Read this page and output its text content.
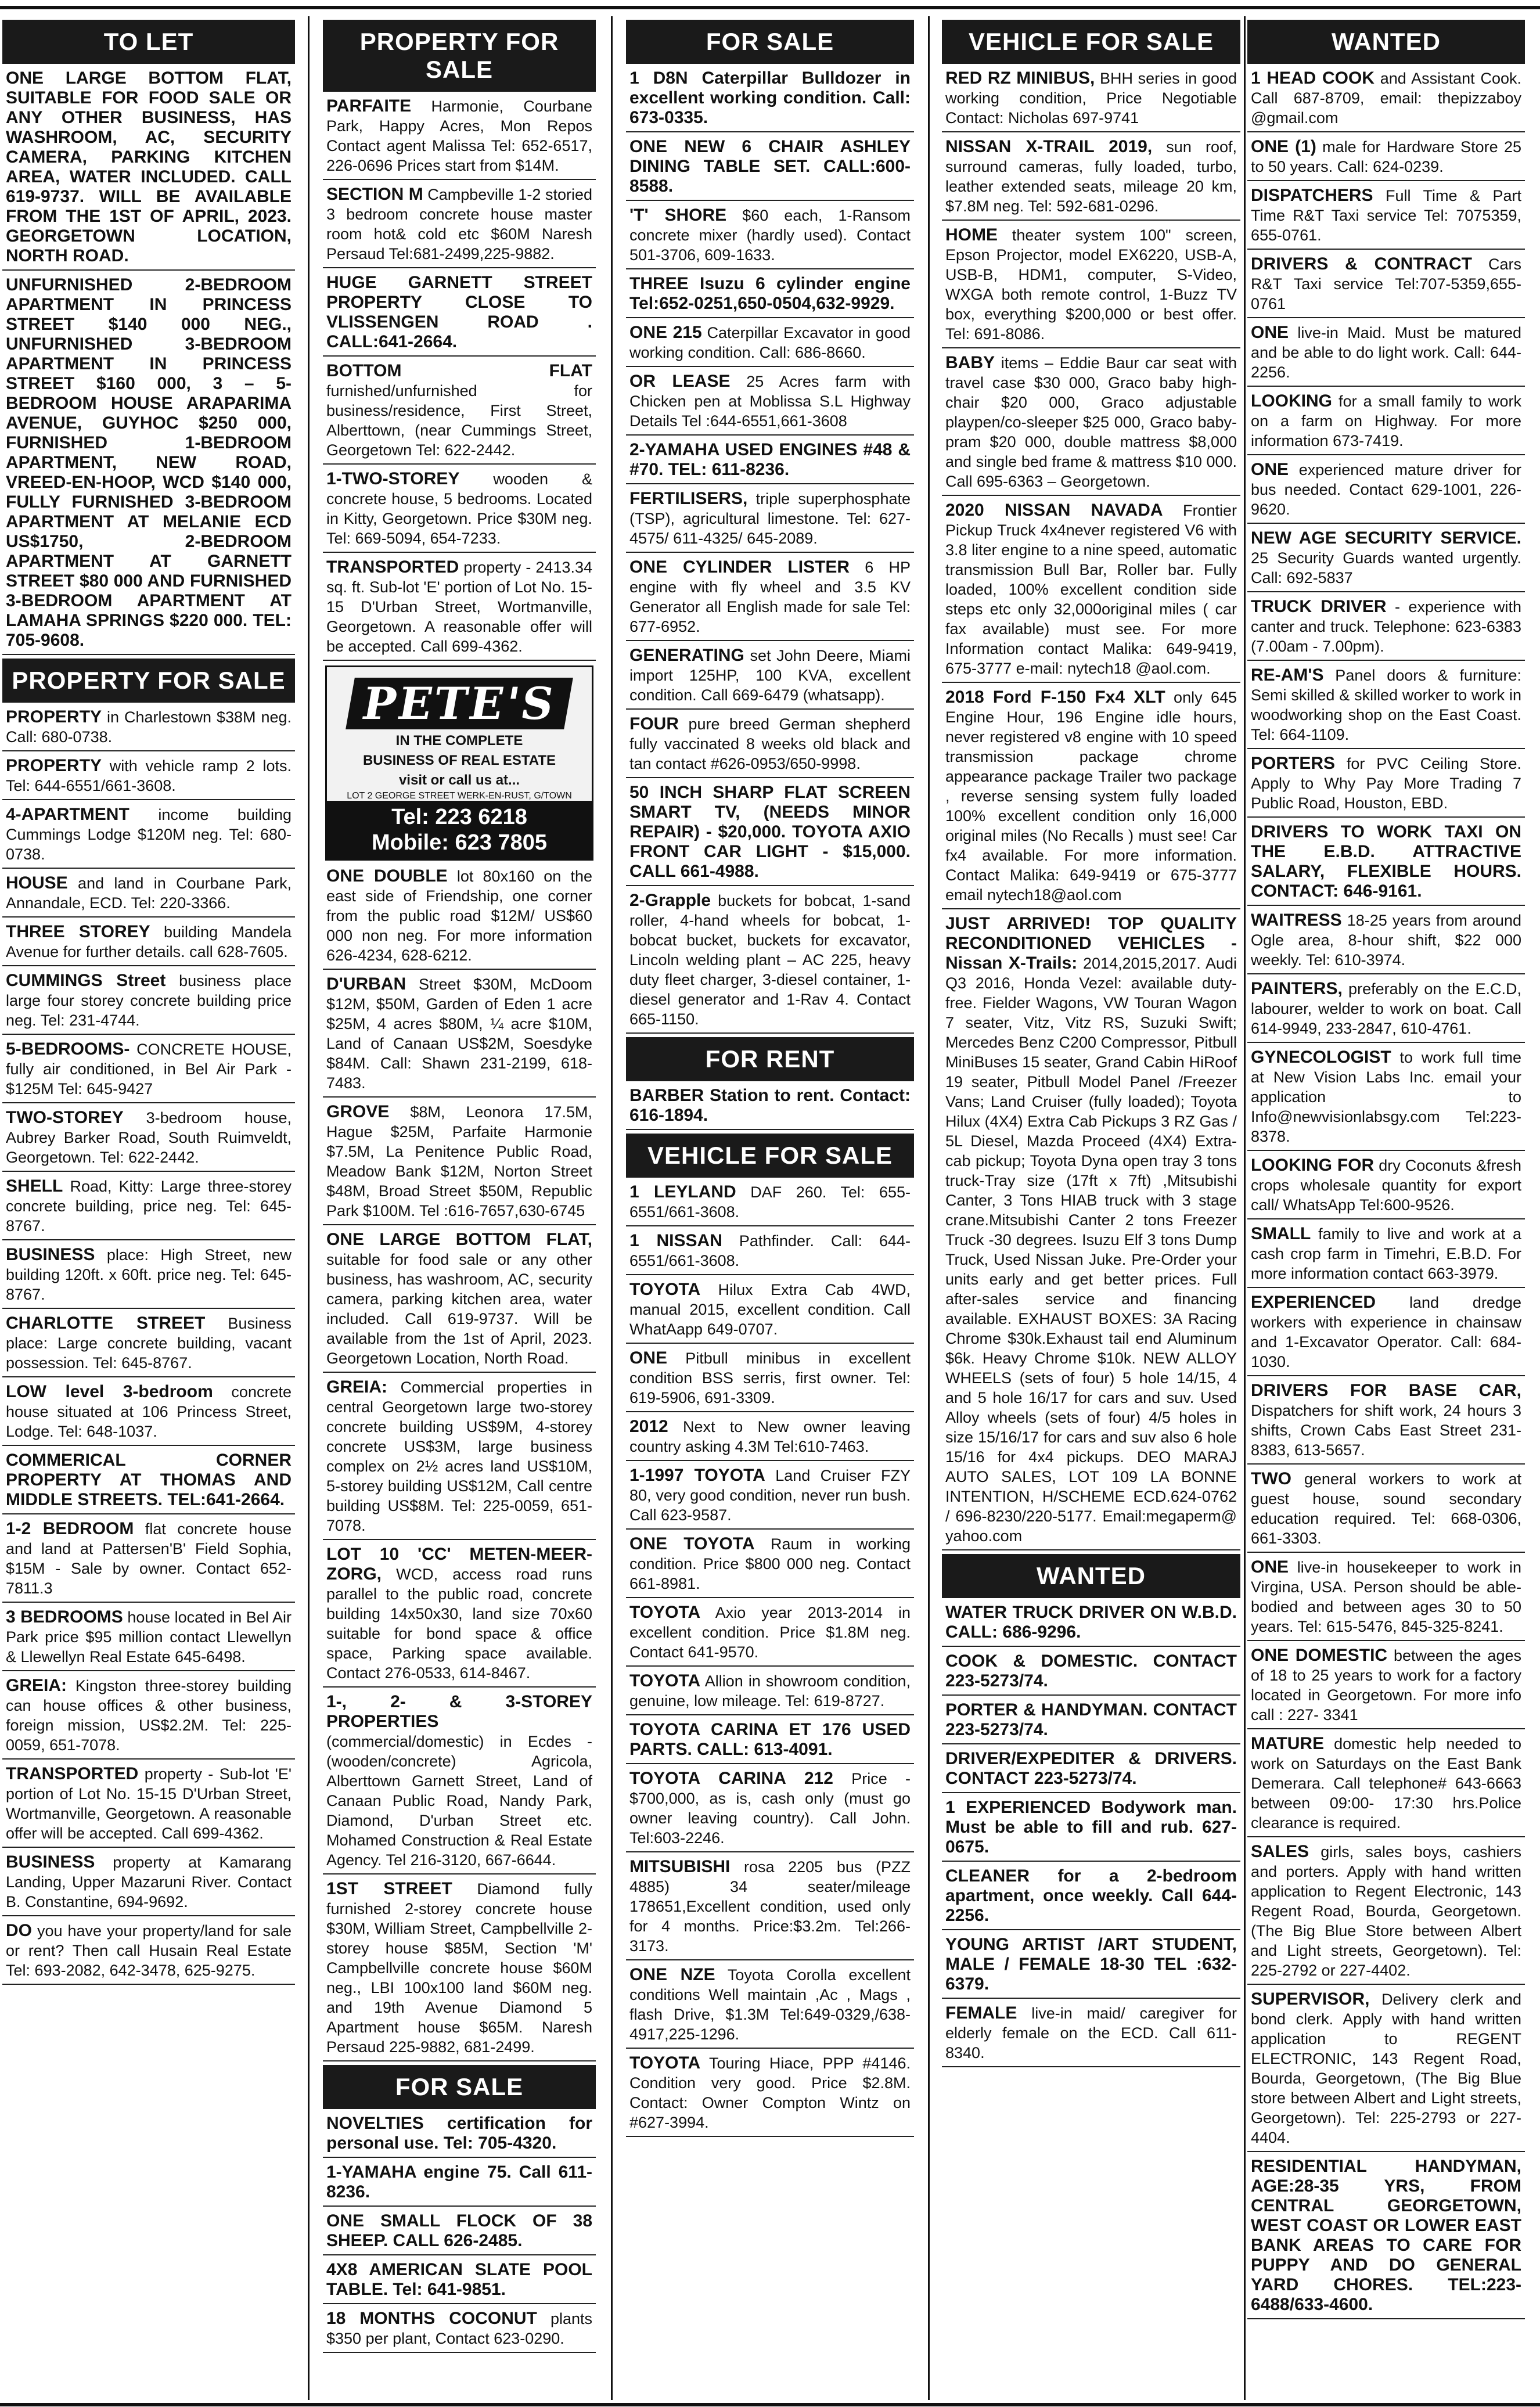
TO LET
ONE LARGE BOTTOM FLAT, SUITABLE FOR FOOD SALE OR ANY OTHER BUSINESS, HAS WASHROOM, AC, SECURITY CAMERA, PARKING KITCHEN AREA, WATER INCLUDED. CALL 619-9737. WILL BE AVAILABLE FROM THE 1ST OF APRIL, 2023. GEORGETOWN LOCATION, NORTH ROAD.
UNFURNISHED 2-BEDROOM APARTMENT IN PRINCESS STREET $140 000 NEG., UNFURNISHED 3-BEDROOM APARTMENT IN PRINCESS STREET $160 000, 3 – 5-BEDROOM HOUSE ARAPARIMA AVENUE, GUYHOC $250 000, FURNISHED 1-BEDROOM APARTMENT, NEW ROAD, VREED-EN-HOOP, WCD $140 000, FULLY FURNISHED 3-BEDROOM APARTMENT AT MELANIE ECD US$1750, 2-BEDROOM APARTMENT AT GARNETT STREET $80 000 AND FURNISHED 3-BEDROOM APARTMENT AT LAMAHA SPRINGS $220 000. TEL: 705-9608.
PROPERTY FOR SALE
PROPERTY in Charlestown $38M neg. Call: 680-0738.
PROPERTY with vehicle ramp 2 lots. Tel: 644-6551/661-3608.
4-APARTMENT income building Cummings Lodge $120M neg. Tel: 680-0738.
HOUSE and land in Courbane Park, Annandale, ECD. Tel: 220-3366.
THREE STOREY building Mandela Avenue for further details. call 628-7605.
CUMMINGS Street business place large four storey concrete building price neg. Tel: 231-4744.
5-BEDROOMS- CONCRETE HOUSE, fully air conditioned, in Bel Air Park - $125M Tel: 645-9427
TWO-STOREY 3-bedroom house, Aubrey Barker Road, South Ruimveldt, Georgetown. Tel: 622-2442.
SHELL Road, Kitty: Large three-storey concrete building, price neg. Tel: 645-8767.
BUSINESS place: High Street, new building 120ft. x 60ft. price neg. Tel: 645-8767.
CHARLOTTE STREET Business place: Large concrete building, vacant possession. Tel: 645-8767.
LOW level 3-bedroom concrete house situated at 106 Princess Street, Lodge. Tel: 648-1037.
COMMERICAL CORNER PROPERTY AT THOMAS AND MIDDLE STREETS. TEL:641-2664.
1-2 BEDROOM flat concrete house and land at Pattersen'B' Field Sophia, $15M - Sale by owner. Contact 652-7811.3
3 BEDROOMS house located in Bel Air Park price $95 million contact Llewellyn & Llewellyn Real Estate 645-6498.
GREIA: Kingston three-storey building can house offices & other business, foreign mission, US$2.2M. Tel: 225-0059, 651-7078.
TRANSPORTED property - Sub-lot 'E' portion of Lot No. 15-15 D'Urban Street, Wortmanville, Georgetown. A reasonable offer will be accepted. Call 699-4362.
BUSINESS property at Kamarang Landing, Upper Mazaruni River. Contact B. Constantine, 694-9692.
DO you have your property/land for sale or rent? Then call Husain Real Estate Tel: 693-2082, 642-3478, 625-9275.
PROPERTY FOR SALE
PARFAITE Harmonie, Courbane Park, Happy Acres, Mon Repos Contact agent Malissa Tel: 652-6517, 226-0696 Prices start from $14M.
SECTION M Campbeville 1-2 storied 3 bedroom concrete house master room hot& cold etc $60M Naresh Persaud Tel:681-2499,225-9882.
HUGE GARNETT STREET PROPERTY CLOSE TO VLISSENGEN ROAD . CALL:641-2664.
BOTTOM FLAT furnished/unfurnished for business/residence, First Street, Alberttown, (near Cummings Street, Georgetown Tel: 622-2442.
1-TWO-STOREY wooden & concrete house, 5 bedrooms. Located in Kitty, Georgetown. Price $30M neg. Tel: 669-5094, 654-7233.
TRANSPORTED property - 2413.34 sq. ft. Sub-lot 'E' portion of Lot No. 15-15 D'Urban Street, Wortmanville, Georgetown. A reasonable offer will be accepted. Call 699-4362.
PETE'S
IN THE COMPLETE
BUSINESS OF REAL ESTATE
visit or call us at...
LOT 2 GEORGE STREET WERK-EN-RUST, G/TOWN
Tel: 223 6218
Mobile: 623 7805
ONE DOUBLE lot 80x160 on the east side of Friendship, one corner from the public road $12M/ US$60 000 non neg. For more information 626-4234, 628-6212.
D'URBAN Street $30M, McDoom $12M, $50M, Garden of Eden 1 acre $25M, 4 acres $80M, ¼ acre $10M, Land of Canaan US$2M, Soesdyke $84M. Call: Shawn 231-2199, 618-7483.
GROVE $8M, Leonora 17.5M, Hague $25M, Parfaite Harmonie $7.5M, La Penitence Public Road, Meadow Bank $12M, Norton Street $48M, Broad Street $50M, Republic Park $100M. Tel :616-7657,630-6745
ONE LARGE BOTTOM FLAT, suitable for food sale or any other business, has washroom, AC, security camera, parking kitchen area, water included. Call 619-9737. Will be available from the 1st of April, 2023. Georgetown Location, North Road.
GREIA: Commercial properties in central Georgetown large two-storey concrete building US$9M, 4-storey concrete US$3M, large business complex on 2½ acres land US$10M, 5-storey building US$12M, Call centre building US$8M. Tel: 225-0059, 651-7078.
LOT 10 'CC' METEN-MEER-ZORG, WCD, access road runs parallel to the public road, concrete building 14x50x30, land size 70x60 suitable for bond space & office space, Parking space available. Contact 276-0533, 614-8467.
1-, 2- & 3-STOREY PROPERTIES (commercial/domestic) in Ecdes - (wooden/concrete) Agricola, Alberttown Garnett Street, Land of Canaan Public Road, Nandy Park, Diamond, D'urban Street etc. Mohamed Construction & Real Estate Agency. Tel 216-3120, 667-6644.
1ST STREET Diamond fully furnished 2-storey concrete house $30M, William Street, Campbellville 2-storey house $85M, Section 'M' Campbellville concrete house $60M neg., LBI 100x100 land $60M neg. and 19th Avenue Diamond 5 Apartment house $65M. Naresh Persaud 225-9882, 681-2499.
FOR SALE
NOVELTIES certification for personal use. Tel: 705-4320.
1-YAMAHA engine 75. Call 611-8236.
ONE SMALL FLOCK OF 38 SHEEP. CALL 626-2485.
4X8 AMERICAN SLATE POOL TABLE. Tel: 641-9851.
18 MONTHS COCONUT plants $350 per plant, Contact 623-0290.
FOR SALE
1 D8N Caterpillar Bulldozer in excellent working condition. Call: 673-0335.
ONE NEW 6 CHAIR ASHLEY DINING TABLE SET. CALL:600-8588.
'T' SHORE $60 each, 1-Ransom concrete mixer (hardly used). Contact 501-3706, 609-1633.
THREE Isuzu 6 cylinder engine Tel:652-0251,650-0504,632-9929.
ONE 215 Caterpillar Excavator in good working condition. Call: 686-8660.
OR LEASE 25 Acres farm with Chicken pen at Moblissa S.L Highway Details Tel :644-6551,661-3608
2-YAMAHA USED ENGINES #48 & #70. TEL: 611-8236.
FERTILISERS, triple superphosphate (TSP), agricultural limestone. Tel: 627-4575/ 611-4325/ 645-2089.
ONE CYLINDER LISTER 6 HP engine with fly wheel and 3.5 KV Generator all English made for sale Tel: 677-6952.
GENERATING set John Deere, Miami import 125HP, 100 KVA, excellent condition. Call 669-6479 (whatsapp).
FOUR pure breed German shepherd fully vaccinated 8 weeks old black and tan contact #626-0953/650-9998.
50 INCH SHARP FLAT SCREEN SMART TV, (NEEDS MINOR REPAIR) - $20,000. TOYOTA AXIO FRONT CAR LIGHT - $15,000. CALL 661-4988.
2-Grapple buckets for bobcat, 1-sand roller, 4-hand wheels for bobcat, 1-bobcat bucket, buckets for excavator, Lincoln welding plant – AC 225, heavy duty fleet charger, 3-diesel container, 1-diesel generator and 1-Rav 4. Contact 665-1150.
FOR RENT
BARBER Station to rent. Contact: 616-1894.
VEHICLE FOR SALE
1 LEYLAND DAF 260. Tel: 655-6551/661-3608.
1 NISSAN Pathfinder. Call: 644-6551/661-3608.
TOYOTA Hilux Extra Cab 4WD, manual 2015, excellent condition. Call WhatAapp 649-0707.
ONE Pitbull minibus in excellent condition BSS serris, first owner. Tel: 619-5906, 691-3309.
2012 Next to New owner leaving country asking 4.3M Tel:610-7463.
1-1997 TOYOTA Land Cruiser FZY 80, very good condition, never run bush. Call 623-9587.
ONE TOYOTA Raum in working condition. Price $800 000 neg. Contact 661-8981.
TOYOTA Axio year 2013-2014 in excellent condition. Price $1.8M neg. Contact 641-9570.
TOYOTA Allion in showroom condition, genuine, low mileage. Tel: 619-8727.
TOYOTA CARINA ET 176 USED PARTS. CALL: 613-4091.
TOYOTA CARINA 212 Price - $700,000, as is, cash only (must go owner leaving country). Call John. Tel:603-2246.
MITSUBISHI rosa 2205 bus (PZZ 4885) 34 seater/mileage 178651,Excellent condition, used only for 4 months. Price:$3.2m. Tel:266-3173.
ONE NZE Toyota Corolla excellent conditions Well maintain ,Ac , Mags , flash Drive, $1.3M Tel:649-0329,/638-4917,225-1296.
TOYOTA Touring Hiace, PPP #4146. Condition very good. Price $2.8M. Contact: Owner Compton Wintz on #627-3994.
VEHICLE FOR SALE
RED RZ MINIBUS, BHH series in good working condition, Price Negotiable Contact: Nicholas 697-9741
NISSAN X-TRAIL 2019, sun roof, surround cameras, fully loaded, turbo, leather extended seats, mileage 20 km, $7.8M neg. Tel: 592-681-0296.
HOME theater system 100" screen, Epson Projector, model EX6220, USB-A, USB-B, HDM1, computer, S-Video, WXGA both remote control, 1-Buzz TV box, everything $200,000 or best offer. Tel: 691-8086.
BABY items – Eddie Baur car seat with travel case $30 000, Graco baby high-chair $20 000, Graco adjustable playpen/co-sleeper $25 000, Graco baby-pram $20 000, double mattress $8,000 and single bed frame & mattress $10 000. Call 695-6363 – Georgetown.
2020 NISSAN NAVADA Frontier Pickup Truck 4x4never registered V6 with 3.8 liter engine to a nine speed, automatic transmission Bull Bar, Roller bar. Fully loaded, 100% excellent condition side steps etc only 32,000original miles ( car fax available) must see. For more Information contact Malika: 649-9419, 675-3777 e-mail: nytech18 @aol.com.
2018 Ford F-150 Fx4 XLT only 645 Engine Hour, 196 Engine idle hours, never registered v8 engine with 10 speed transmission package chrome appearance package Trailer two package , reverse sensing system fully loaded 100% excellent condition only 16,000 original miles (No Recalls ) must see! Car fx4 available. For more information. Contact Malika: 649-9419 or 675-3777 email nytech18@aol.com
JUST ARRIVED! TOP QUALITY RECONDITIONED VEHICLES - Nissan X-Trails: 2014,2015,2017. Audi Q3 2016, Honda Vezel: available duty-free. Fielder Wagons, VW Touran Wagon 7 seater, Vitz, Vitz RS, Suzuki Swift; Mercedes Benz C200 Compressor, Pitbull MiniBuses 15 seater, Grand Cabin HiRoof 19 seater, Pitbull Model Panel /Freezer Vans; Land Cruiser (fully loaded); Toyota Hilux (4X4) Extra Cab Pickups 3 RZ Gas / 5L Diesel, Mazda Proceed (4X4) Extra-cab pickup; Toyota Dyna open tray 3 tons truck-Tray size (17ft x 7ft) ,Mitsubishi Canter, 3 Tons HIAB truck with 3 stage crane.Mitsubishi Canter 2 tons Freezer Truck -30 degrees. Isuzu Elf 3 tons Dump Truck, Used Nissan Juke. Pre-Order your units early and get better prices. Full after-sales service and financing available. EXHAUST BOXES: 3A Racing Chrome $30k.Exhaust tail end Aluminum $6k. Heavy Chrome $10k. NEW ALLOY WHEELS (sets of four) 5 hole 14/15, 4 and 5 hole 16/17 for cars and suv. Used Alloy wheels (sets of four) 4/5 holes in size 15/16/17 for cars and suv also 6 hole 15/16 for 4x4 pickups. DEO MARAJ AUTO SALES, LOT 109 LA BONNE INTENTION, H/SCHEME ECD.624-0762 / 696-8230/220-5177. Email:megaperm@ yahoo.com
WANTED
WATER TRUCK DRIVER ON W.B.D. CALL: 686-9296.
COOK & DOMESTIC. CONTACT 223-5273/74.
PORTER & HANDYMAN. CONTACT 223-5273/74.
DRIVER/EXPEDITER & DRIVERS. CONTACT 223-5273/74.
1 EXPERIENCED Bodywork man. Must be able to fill and rub. 627-0675.
CLEANER for a 2-bedroom apartment, once weekly. Call 644-2256.
YOUNG ARTIST /ART STUDENT, MALE / FEMALE 18-30 TEL :632-6379.
FEMALE live-in maid/ caregiver for elderly female on the ECD. Call 611-8340.
WANTED
1 HEAD COOK and Assistant Cook. Call 687-8709, email: thepizzaboy @gmail.com
ONE (1) male for Hardware Store 25 to 50 years. Call: 624-0239.
DISPATCHERS Full Time & Part Time R&T Taxi service Tel: 7075359, 655-0761.
DRIVERS & CONTRACT Cars R&T Taxi service Tel:707-5359,655-0761
ONE live-in Maid. Must be matured and be able to do light work. Call: 644-2256.
LOOKING for a small family to work on a farm on Highway. For more information 673-7419.
ONE experienced mature driver for bus needed. Contact 629-1001, 226-9620.
NEW AGE SECURITY SERVICE. 25 Security Guards wanted urgently. Call: 692-5837
TRUCK DRIVER - experience with canter and truck. Telephone: 623-6383 (7.00am - 7.00pm).
RE-AM'S Panel doors & furniture: Semi skilled & skilled worker to work in woodworking shop on the East Coast. Tel: 664-1109.
PORTERS for PVC Ceiling Store. Apply to Why Pay More Trading 7 Public Road, Houston, EBD.
DRIVERS TO WORK TAXI ON THE E.B.D. ATTRACTIVE SALARY, FLEXIBLE HOURS. CONTACT: 646-9161.
WAITRESS 18-25 years from around Ogle area, 8-hour shift, $22 000 weekly. Tel: 610-3974.
PAINTERS, preferably on the E.C.D, labourer, welder to work on boat. Call 614-9949, 233-2847, 610-4761.
GYNECOLOGIST to work full time at New Vision Labs Inc. email your application to Info@newvisionlabsgy.com Tel:223-8378.
LOOKING FOR dry Coconuts &fresh crops wholesale quantity for export call/ WhatsApp Tel:600-9526.
SMALL family to live and work at a cash crop farm in Timehri, E.B.D. For more information contact 663-3979.
EXPERIENCED land dredge workers with experience in chainsaw and 1-Excavator Operator. Call: 684-1030.
DRIVERS FOR BASE CAR, Dispatchers for shift work, 24 hours 3 shifts, Crown Cabs East Street 231-8383, 613-5657.
TWO general workers to work at guest house, sound secondary education required. Tel: 668-0306, 661-3303.
ONE live-in housekeeper to work in Virgina, USA. Person should be able-bodied and between ages 30 to 50 years. Tel: 615-5476, 845-325-8241.
ONE DOMESTIC between the ages of 18 to 25 years to work for a factory located in Georgetown. For more info call : 227- 3341
MATURE domestic help needed to work on Saturdays on the East Bank Demerara. Call telephone# 643-6663 between 09:00- 17:30 hrs.Police clearance is required.
SALES girls, sales boys, cashiers and porters. Apply with hand written application to Regent Electronic, 143 Regent Road, Bourda, Georgetown. (The Big Blue Store between Albert and Light streets, Georgetown). Tel: 225-2792 or 227-4402.
SUPERVISOR, Delivery clerk and bond clerk. Apply with hand written application to REGENT ELECTRONIC, 143 Regent Road, Bourda, Georgetown, (The Big Blue store between Albert and Light streets, Georgetown). Tel: 225-2793 or 227-4404.
RESIDENTIAL HANDYMAN, AGE:28-35 YRS, FROM CENTRAL GEORGETOWN, WEST COAST OR LOWER EAST BANK AREAS TO CARE FOR PUPPY AND DO GENERAL YARD CHORES. TEL:223-6488/633-4600.
